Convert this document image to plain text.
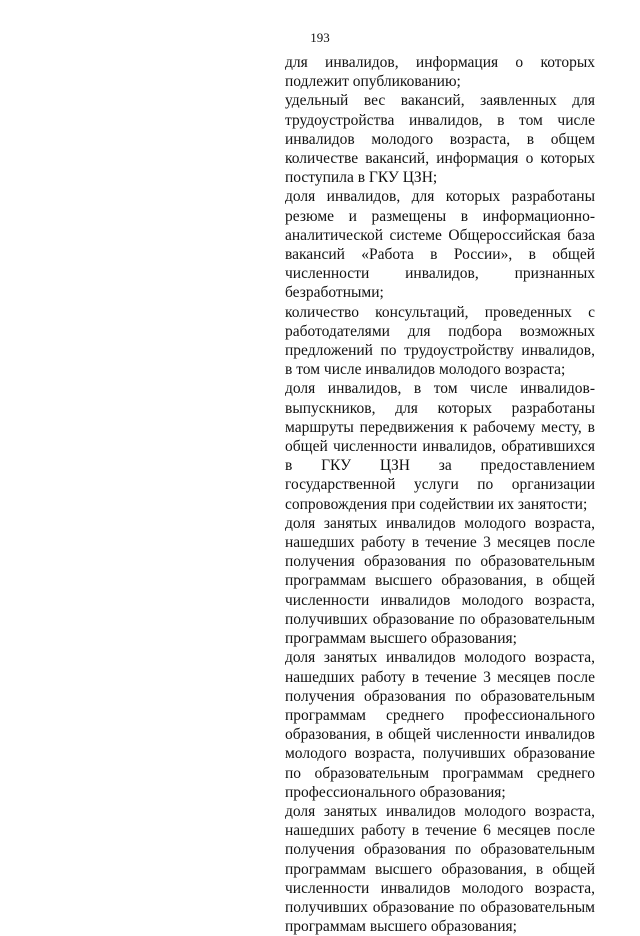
193

для инвалидов, информация о которых подлежит опубликованию;

удельный вес вакансий, заявленных для трудоустройства инвалидов, в том числе инвалидов молодого возраста, в общем количестве вакансий, информация о которых поступила в ГКУ ЦЗН;

доля инвалидов, для которых разработаны резюме и размещены в информационно-аналитической системе Общероссийская база вакансий «Работа в России», в общей численности инвалидов, признанных безработными;

количество консультаций, проведенных с работодателями для подбора возможных предложений по трудоустройству инвалидов, в том числе инвалидов молодого возраста;

доля инвалидов, в том числе инвалидов-выпускников, для которых разработаны маршруты передвижения к рабочему месту, в общей численности инвалидов, обратившихся в ГКУ ЦЗН за предоставлением государственной услуги по организации сопровождения при содействии их занятости;

доля занятых инвалидов молодого возраста, нашедших работу в течение 3 месяцев после получения образования по образовательным программам высшего образования, в общей численности инвалидов молодого возраста, получивших образование по образовательным программам высшего образования;

доля занятых инвалидов молодого возраста, нашедших работу в течение 3 месяцев после получения образования по образовательным программам среднего профессионального образования, в общей численности инвалидов молодого возраста, получивших образование по образовательным программам среднего профессионального образования;

доля занятых инвалидов молодого возраста, нашедших работу в течение 6 месяцев после получения образования по образовательным программам высшего образования, в общей численности инвалидов молодого возраста, получивших образование по образовательным программам высшего образования;
